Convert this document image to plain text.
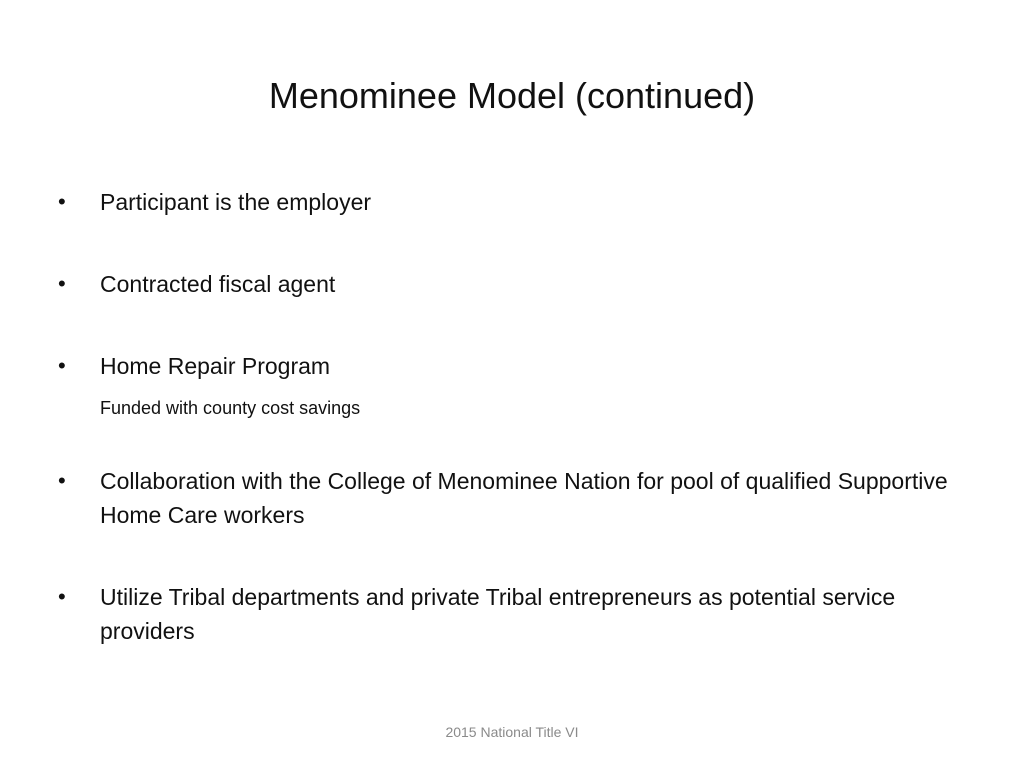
Menominee Model (continued)
• Participant is the employer
• Contracted fiscal agent
• Home Repair Program
Funded with county cost savings
• Collaboration with the College of Menominee Nation for pool of qualified Supportive Home Care workers
• Utilize Tribal departments and private Tribal entrepreneurs as potential service providers
2015 National Title VI
